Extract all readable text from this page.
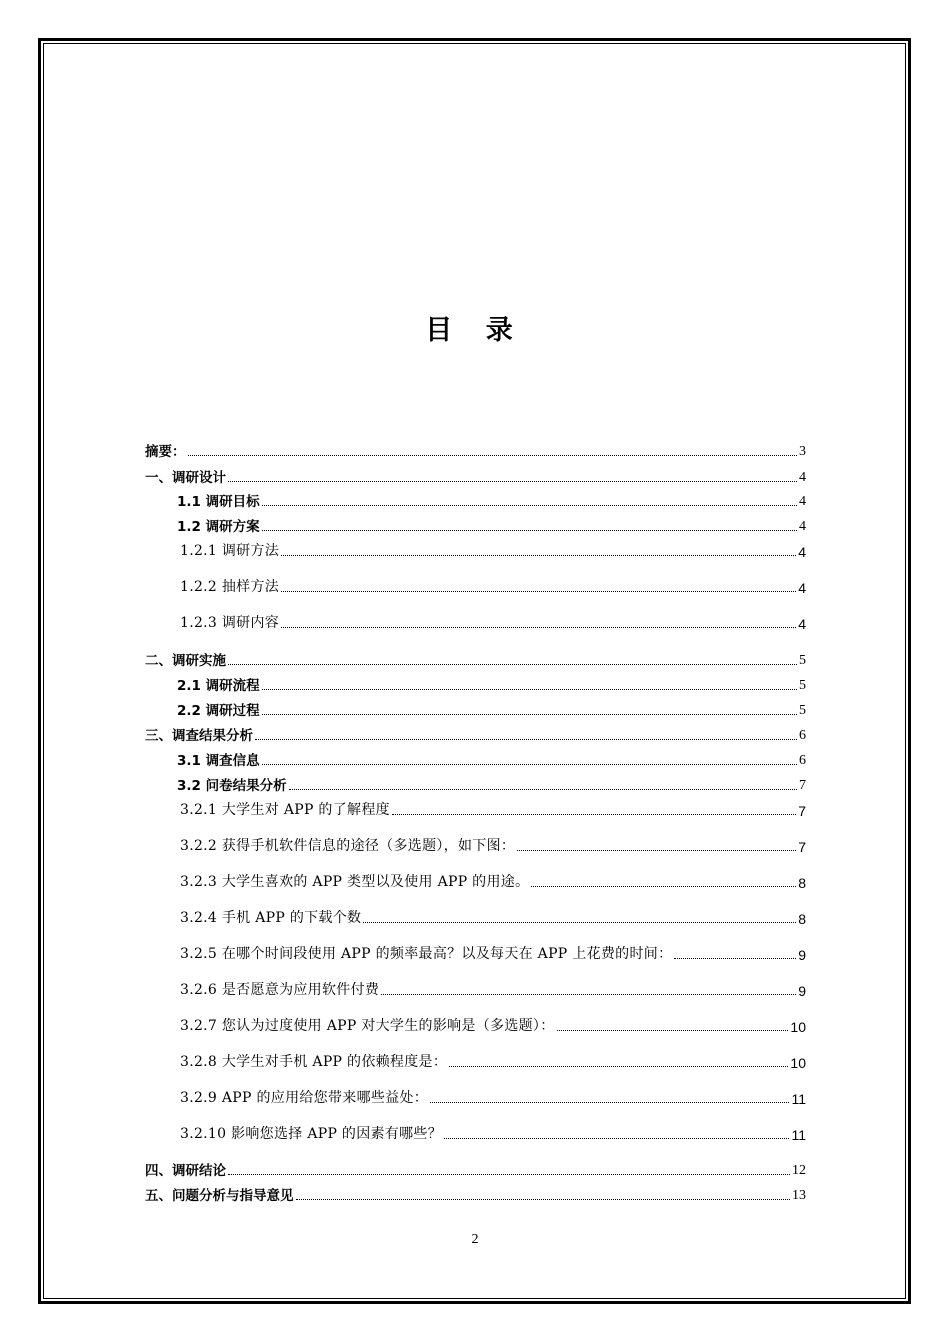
目 录
摘要：	3
一、调研设计	4
1.1 调研目标	4
1.2 调研方案	4
1.2.1 调研方法	4
1.2.2 抽样方法	4
1.2.3 调研内容	4
二、调研实施	5
2.1 调研流程	5
2.2 调研过程	5
三、调查结果分析	6
3.1 调查信息	6
3.2 问卷结果分析	7
3.2.1 大学生对 APP 的了解程度	7
3.2.2 获得手机软件信息的途径（多选题），如下图：	7
3.2.3 大学生喜欢的 APP 类型以及使用 APP 的用途。	8
3.2.4 手机 APP 的下载个数	8
3.2.5 在哪个时间段使用 APP 的频率最高？以及每天在 APP 上花费的时间：	9
3.2.6 是否愿意为应用软件付费	9
3.2.7 您认为过度使用 APP 对大学生的影响是（多选题）：	10
3.2.8 大学生对手机 APP 的依赖程度是：	10
3.2.9 APP 的应用给您带来哪些益处：	11
3.2.10 影响您选择 APP 的因素有哪些？	11
四、调研结论	12
五、问题分析与指导意见	13
2
